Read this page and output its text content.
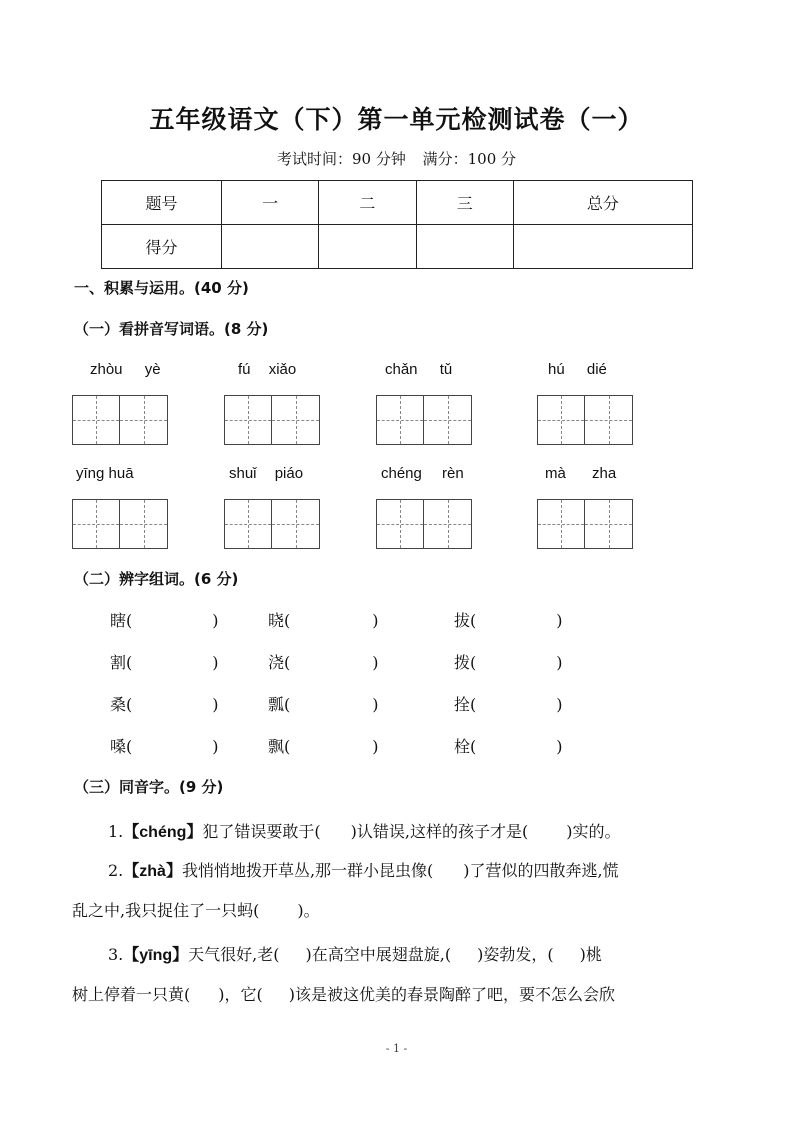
五年级语文（下）第一单元检测试卷（一）
考试时间：90 分钟 满分：100 分
题号	一	二	三	总分
得分				
一、积累与运用。(40 分)
（一）看拼音写词语。(8 分)
zhòu yè	fú xiǎo	chǎn tǔ	hú dié
yīng huā	shuǐ piáo	chéng rèn	mà zha
（二）辨字组词。(6 分)
瞎(	)	晓(	)	拔(	)
割(	)	浇(	)	拨(	)
桑(	)	瓢(	)	拴(	)
嗓(	)	飘(	)	栓(	)
（三）同音字。(9 分)
1.【chéng】犯了错误要敢于( )认错误,这样的孩子才是( )实的。
2.【zhà】我悄悄地拨开草丛,那一群小昆虫像( )了营似的四散奔逃,慌
乱之中,我只捉住了一只蚂( )。
3.【yīng】天气很好,老( )在高空中展翅盘旋,( )姿勃发，( )桃
树上停着一只黄( )，它( )该是被这优美的春景陶醉了吧，要不怎么会欣
- 1 -
